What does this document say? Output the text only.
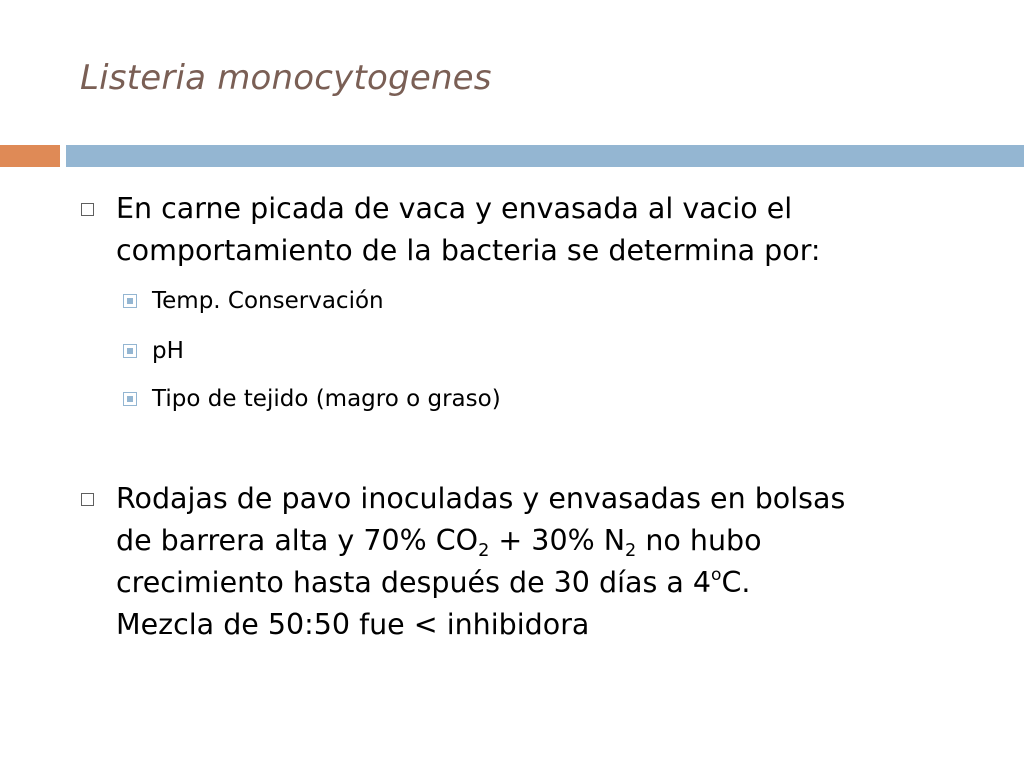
Listeria monocytogenes
En carne picada de vaca y envasada al vacio el comportamiento de la bacteria se determina por:
Temp. Conservación
pH
Tipo de tejido (magro o graso)
Rodajas de pavo inoculadas y envasadas en bolsas
de barrera alta y 70% $CO_2 + 30\%$ $N_2$ no hubo
crecimiento hasta después de 30 días a 4$^o$C.
Mezcla de 50:50 fue < inhibidora
